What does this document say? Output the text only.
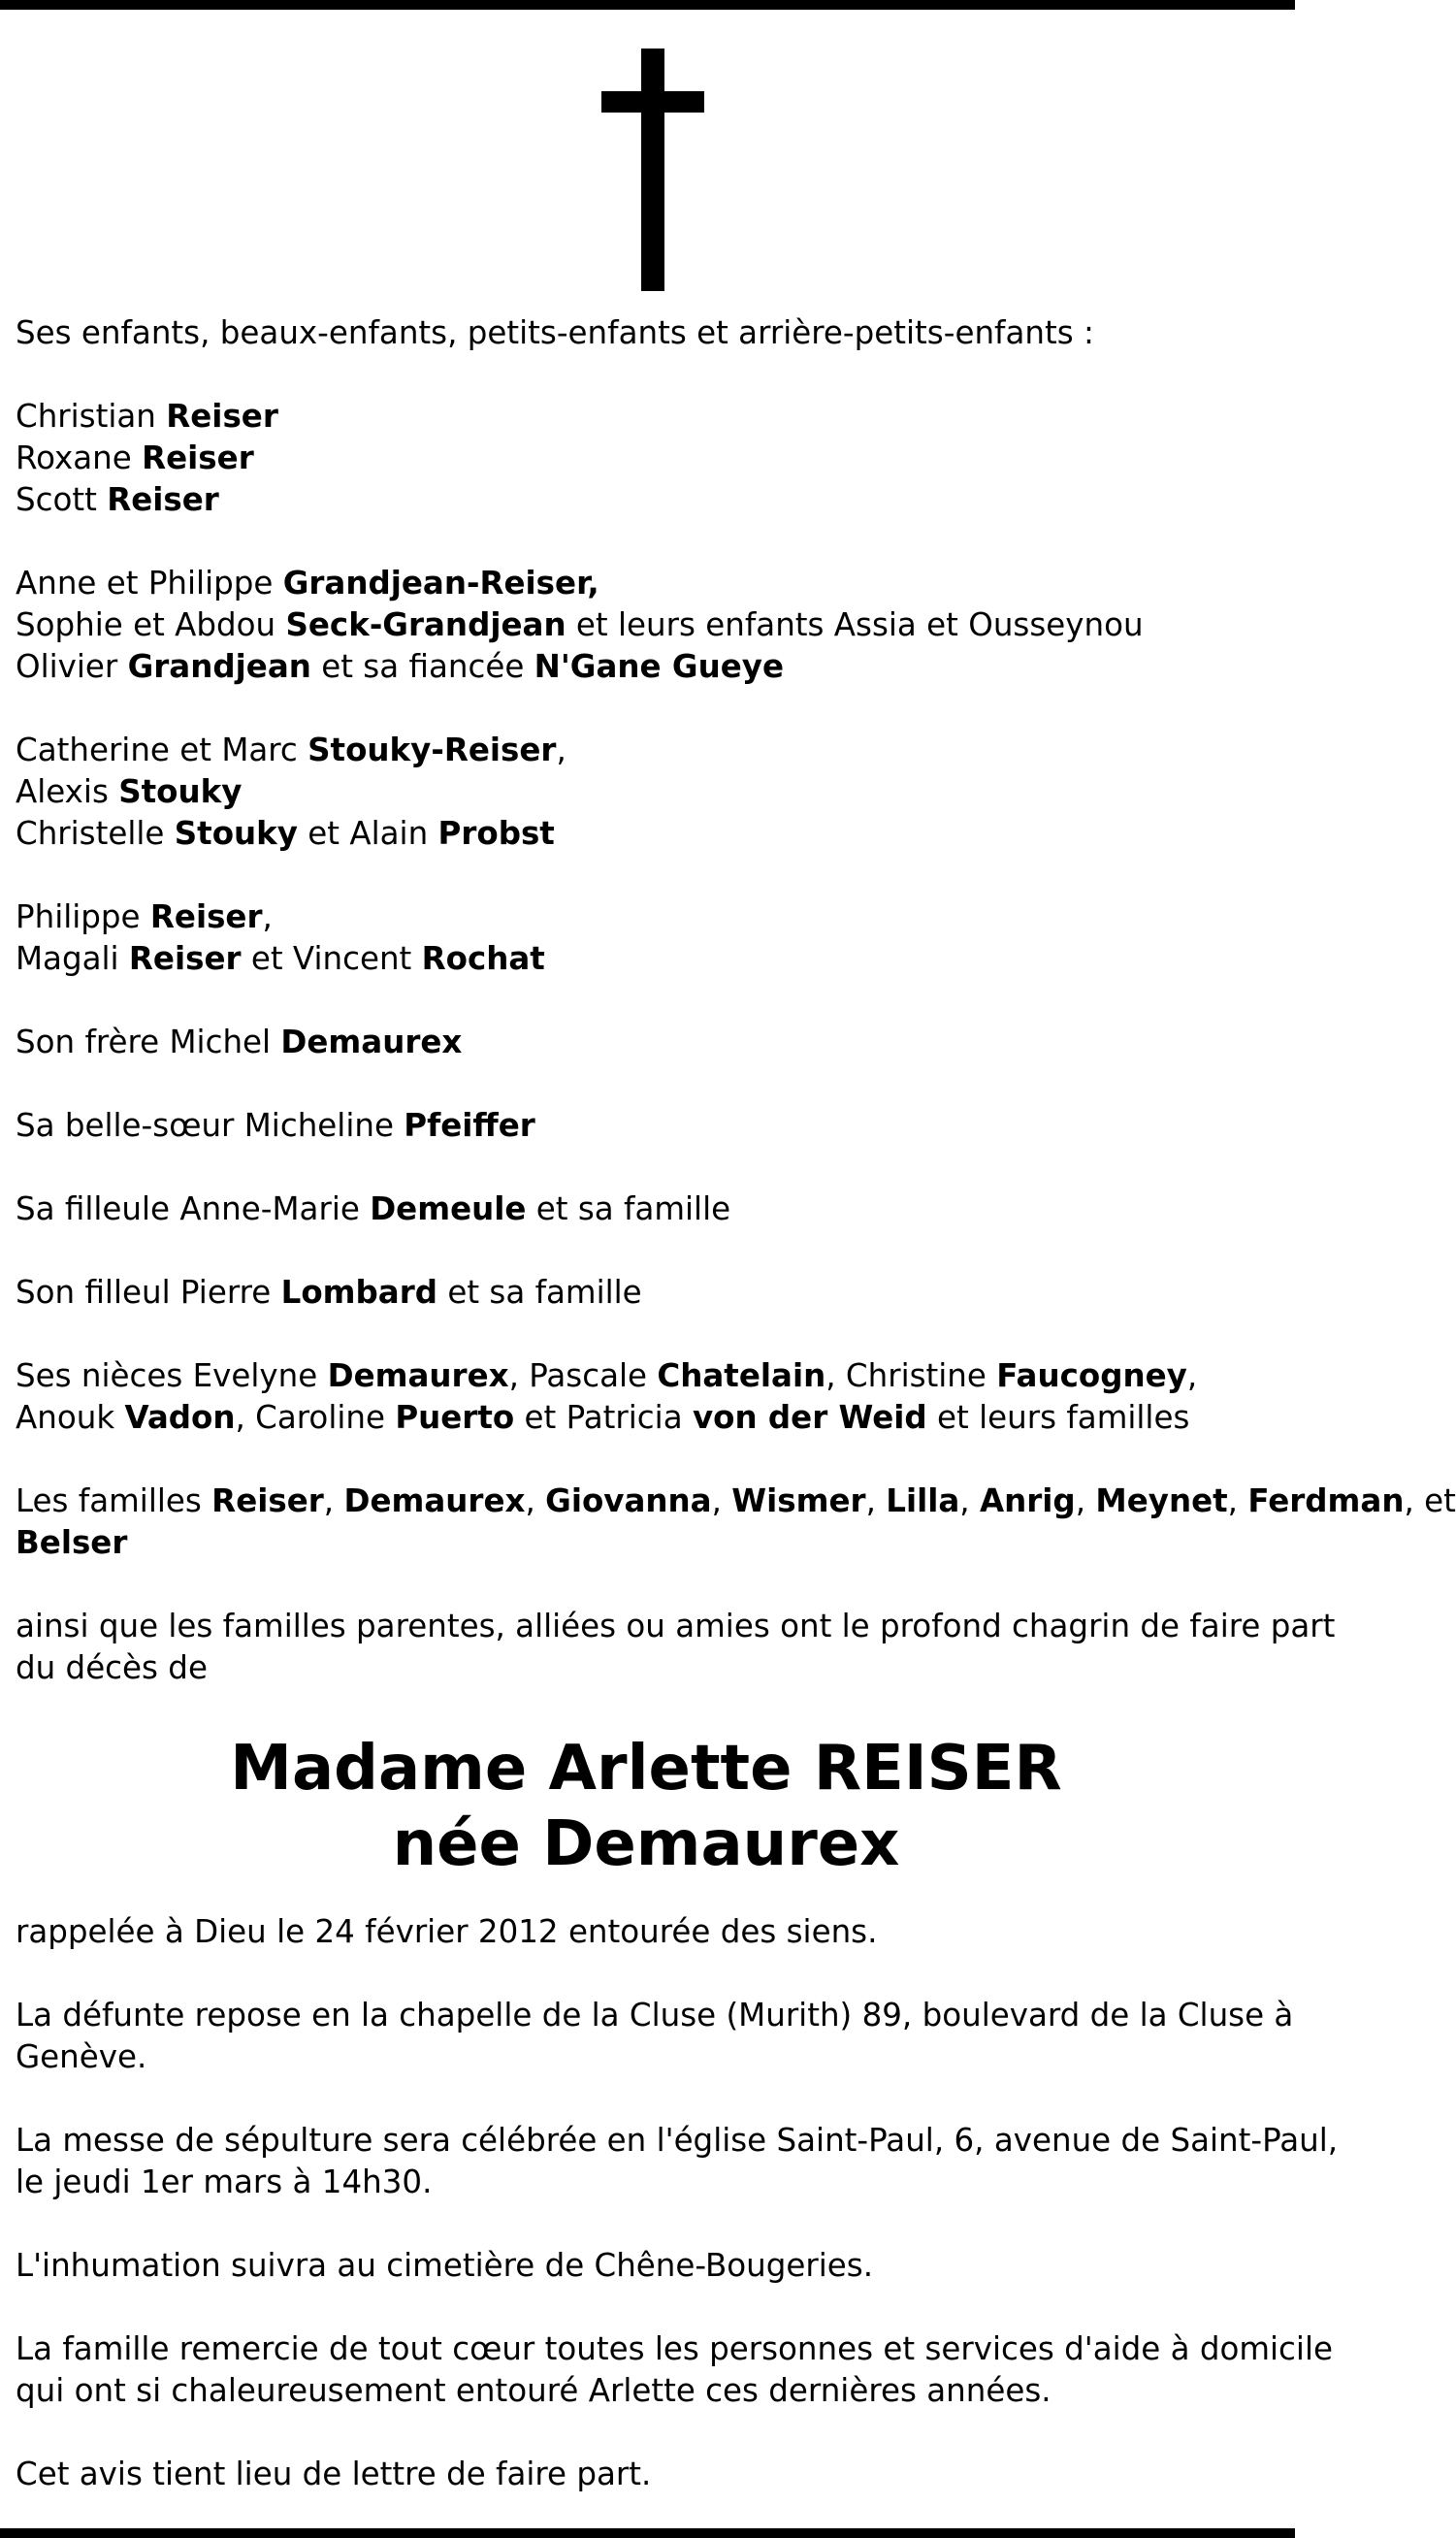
Ses enfants, beaux-enfants, petits-enfants et arrière-petits-enfants :
Christian Reiser
Roxane Reiser
Scott Reiser
Anne et Philippe Grandjean-Reiser,
Sophie et Abdou Seck-Grandjean et leurs enfants Assia et Ousseynou
Olivier Grandjean et sa fiancée N'Gane Gueye
Catherine et Marc Stouky-Reiser,
Alexis Stouky
Christelle Stouky et Alain Probst
Philippe Reiser,
Magali Reiser et Vincent Rochat
Son frère Michel Demaurex
Sa belle-sœur Micheline Pfeiffer
Sa filleule Anne-Marie Demeule et sa famille
Son filleul Pierre Lombard et sa famille
Ses nièces Evelyne Demaurex, Pascale Chatelain, Christine Faucogney,
Anouk Vadon, Caroline Puerto et Patricia von der Weid et leurs familles
Les familles Reiser, Demaurex, Giovanna, Wismer, Lilla, Anrig, Meynet, Ferdman, et
Belser
ainsi que les familles parentes, alliées ou amies ont le profond chagrin de faire part
du décès de
Madame Arlette REISER
née Demaurex
rappelée à Dieu le 24 février 2012 entourée des siens.
La défunte repose en la chapelle de la Cluse (Murith) 89, boulevard de la Cluse à
Genève.
La messe de sépulture sera célébrée en l'église Saint-Paul, 6, avenue de Saint-Paul,
le jeudi 1er mars à 14h30.
L'inhumation suivra au cimetière de Chêne-Bougeries.
La famille remercie de tout cœur toutes les personnes et services d'aide à domicile
qui ont si chaleureusement entouré Arlette ces dernières années.
Cet avis tient lieu de lettre de faire part.
